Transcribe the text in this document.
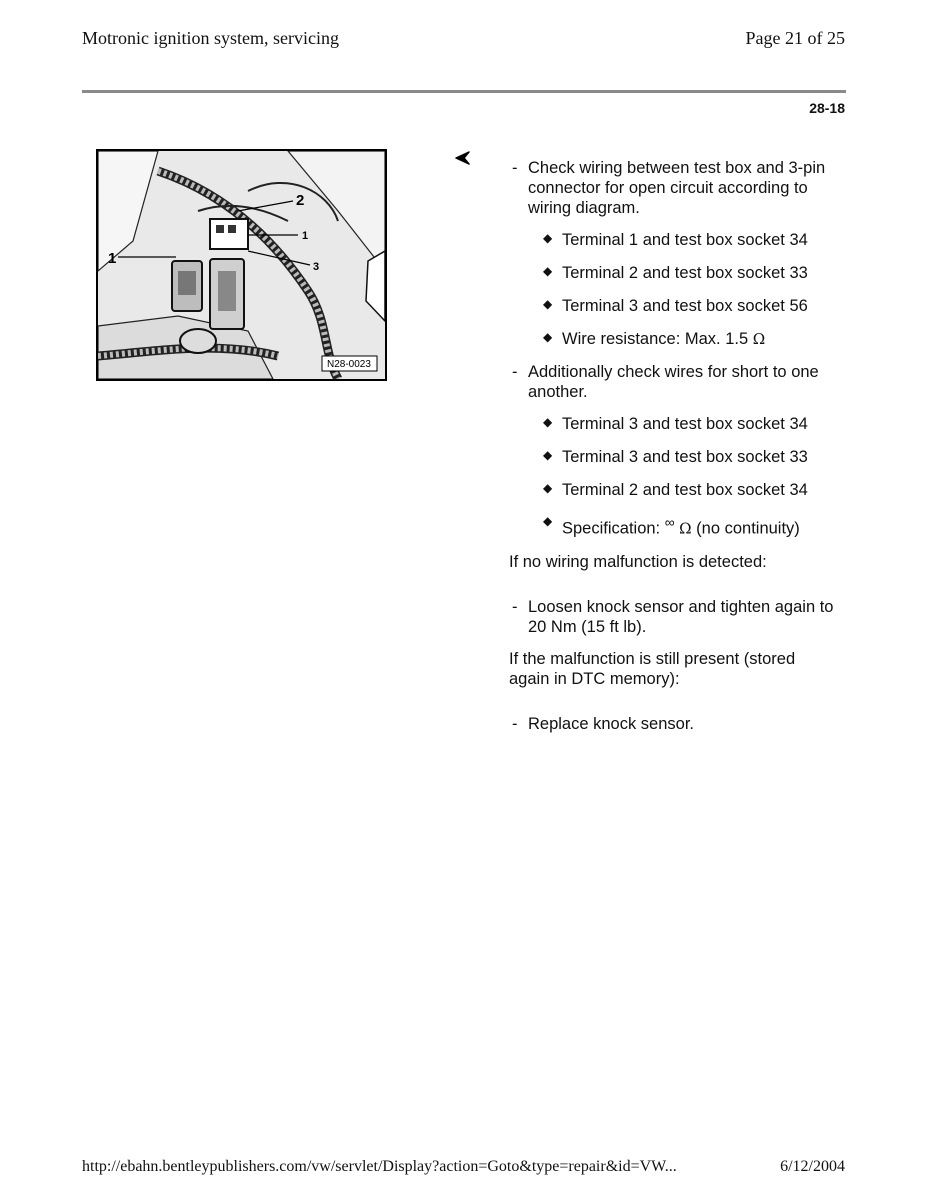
Motronic ignition system, servicing	Page 21 of 25
28-18
1
2
1
3
N28-0023
- Check wiring between test box and 3-pin connector for open circuit according to wiring diagram.
◆ Terminal 1 and test box socket 34
◆ Terminal 2 and test box socket 33
◆ Terminal 3 and test box socket 56
◆ Wire resistance: Max. 1.5 Ω
- Additionally check wires for short to one another.
◆ Terminal 3 and test box socket 34
◆ Terminal 3 and test box socket 33
◆ Terminal 2 and test box socket 34
◆ Specification: ∞ Ω (no continuity)
If no wiring malfunction is detected:
- Loosen knock sensor and tighten again to 20 Nm (15 ft lb).
If the malfunction is still present (stored again in DTC memory):
- Replace knock sensor.
http://ebahn.bentleypublishers.com/vw/servlet/Display?action=Goto&type=repair&id=VW...	6/12/2004
